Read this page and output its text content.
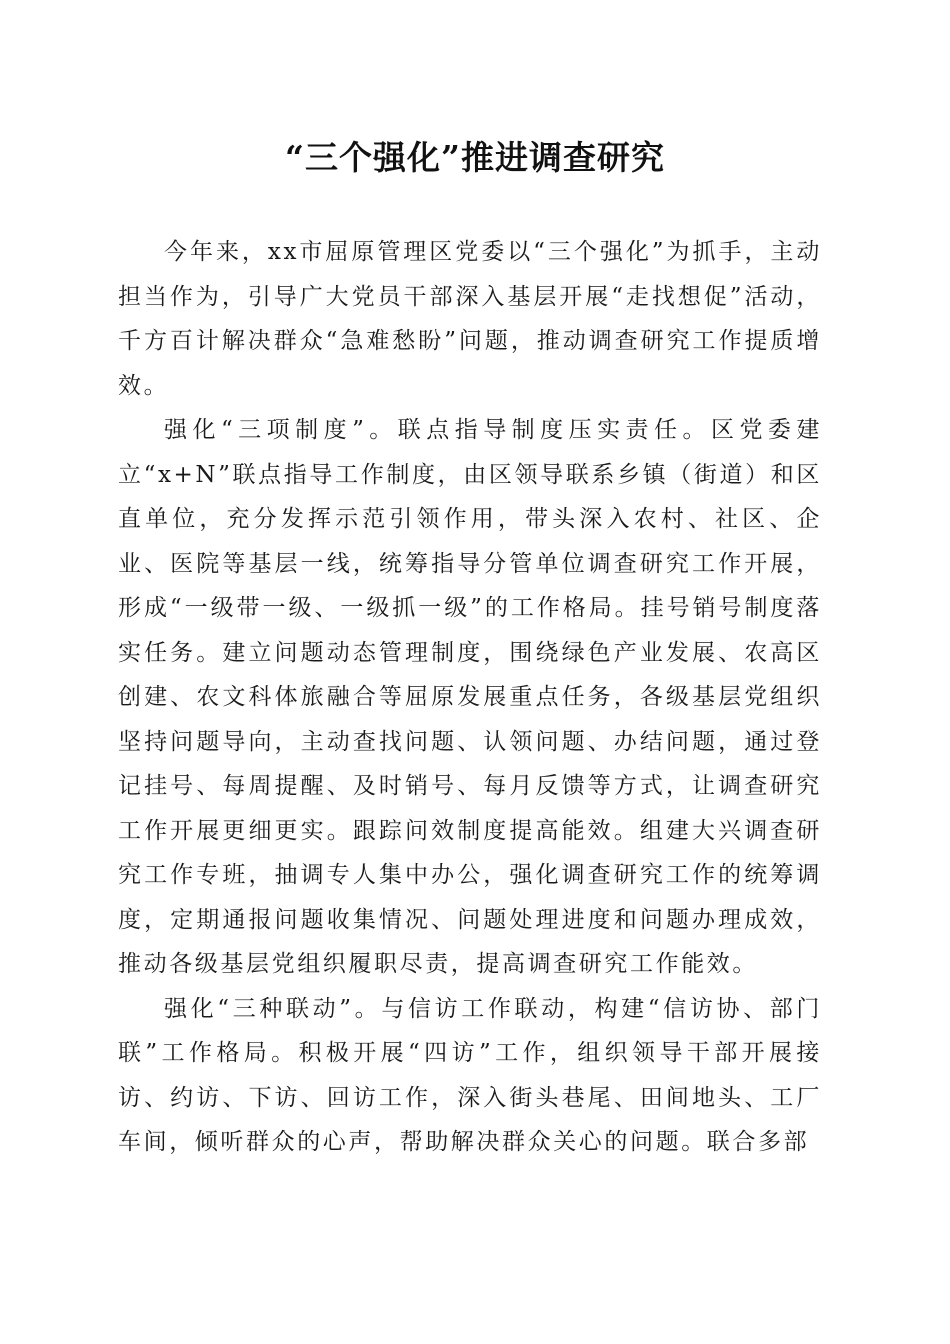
“三个强化”推进调查研究

今年来，xx市屈原管理区党委以“三个强化”为抓手，主动担当作为，引导广大党员干部深入基层开展“走找想促”活动，千方百计解决群众“急难愁盼”问题，推动调查研究工作提质增效。

强化“三项制度”。联点指导制度压实责任。区党委建立“x+N”联点指导工作制度，由区领导联系乡镇（街道）和区直单位，充分发挥示范引领作用，带头深入农村、社区、企业、医院等基层一线，统筹指导分管单位调查研究工作开展，形成“一级带一级、一级抓一级”的工作格局。挂号销号制度落实任务。建立问题动态管理制度，围绕绿色产业发展、农高区创建、农文科体旅融合等屈原发展重点任务，各级基层党组织坚持问题导向，主动查找问题、认领问题、办结问题，通过登记挂号、每周提醒、及时销号、每月反馈等方式，让调查研究工作开展更细更实。跟踪问效制度提高能效。组建大兴调查研究工作专班，抽调专人集中办公，强化调查研究工作的统筹调度，定期通报问题收集情况、问题处理进度和问题办理成效，推动各级基层党组织履职尽责，提高调查研究工作能效。

强化“三种联动”。与信访工作联动，构建“信访协、部门联”工作格局。积极开展“四访”工作，组织领导干部开展接访、约访、下访、回访工作，深入街头巷尾、田间地头、工厂车间，倾听群众的心声，帮助解决群众关心的问题。联合多部
